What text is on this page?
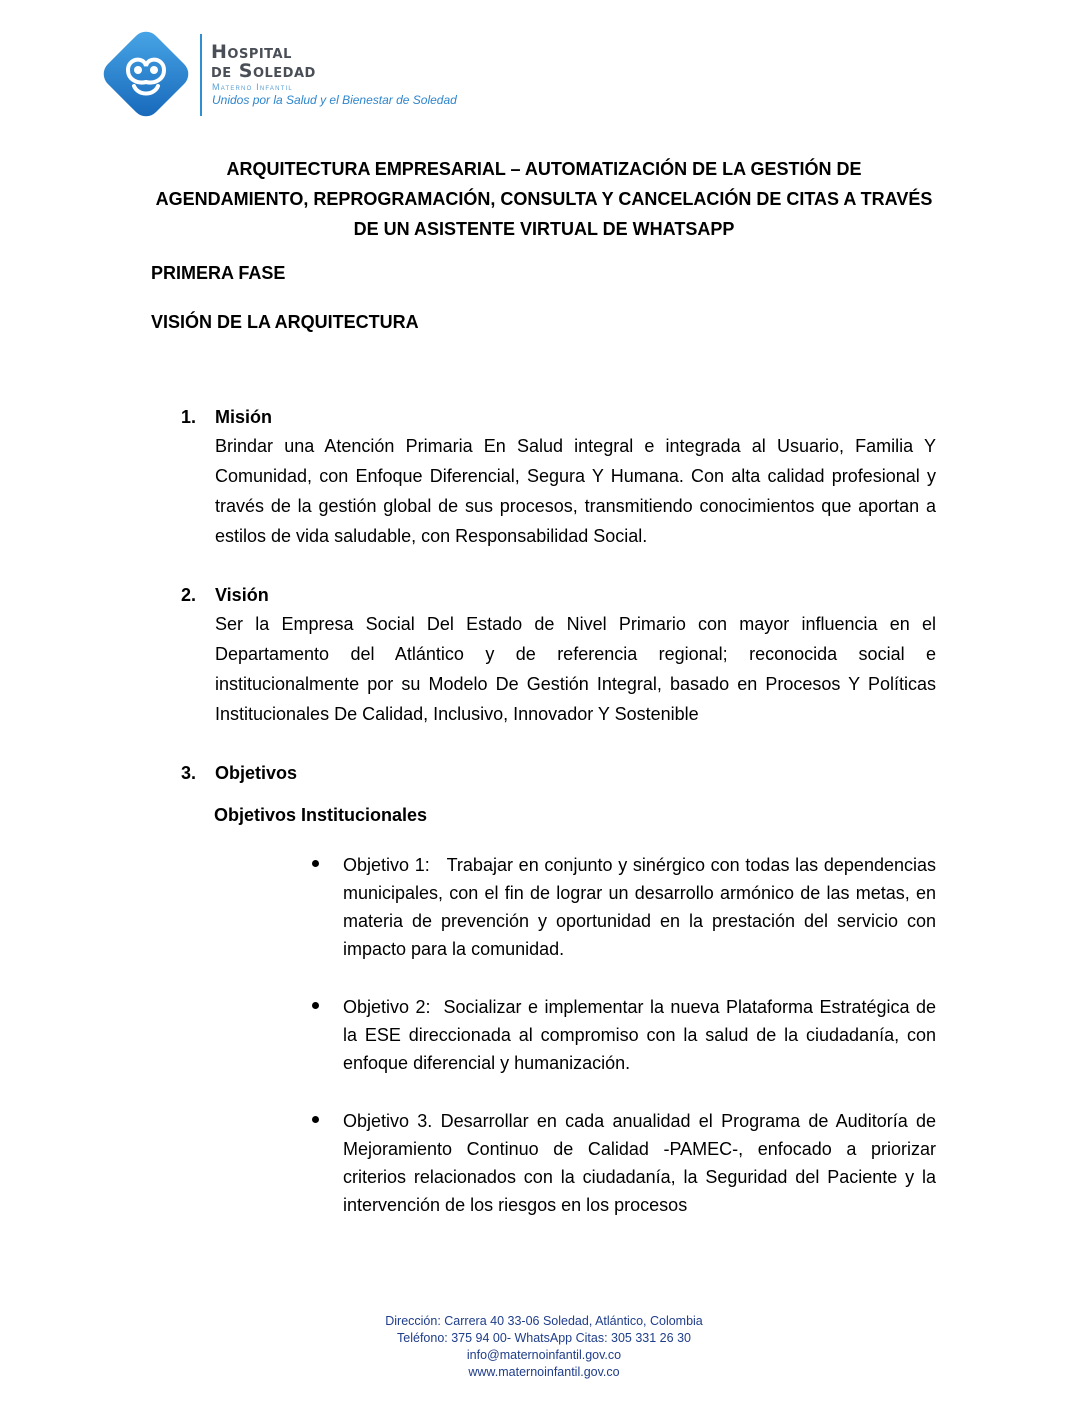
Hospital
de Soledad
Materno Infantil
Unidos por la Salud y el Bienestar de Soledad
ARQUITECTURA EMPRESARIAL – AUTOMATIZACIÓN DE LA GESTIÓN DE
AGENDAMIENTO, REPROGRAMACIÓN, CONSULTA Y CANCELACIÓN DE CITAS A TRAVÉS
DE UN ASISTENTE VIRTUAL DE WHATSAPP
PRIMERA FASE
VISIÓN DE LA ARQUITECTURA
1. Misión
Brindar una Atención Primaria En Salud integral e integrada al Usuario, Familia Y Comunidad, con Enfoque Diferencial, Segura Y Humana. Con alta calidad profesional y través de la gestión global de sus procesos, transmitiendo conocimientos que aportan a estilos de vida saludable, con Responsabilidad Social.
2. Visión
Ser la Empresa Social Del Estado de Nivel Primario con mayor influencia en el Departamento del Atlántico y de referencia regional; reconocida social e institucionalmente por su Modelo De Gestión Integral, basado en Procesos Y Políticas Institucionales De Calidad, Inclusivo, Innovador Y Sostenible
3. Objetivos
Objetivos Institucionales
Objetivo 1:   Trabajar en conjunto y sinérgico con todas las dependencias municipales, con el fin de lograr un desarrollo armónico de las metas, en materia de prevención y oportunidad en la prestación del servicio con impacto para la comunidad.
Objetivo 2:  Socializar e implementar la nueva Plataforma Estratégica de la ESE direccionada al compromiso con la salud de la ciudadanía, con enfoque diferencial y humanización.
Objetivo 3. Desarrollar en cada anualidad el Programa de Auditoría de Mejoramiento Continuo de Calidad -PAMEC-, enfocado a priorizar criterios relacionados con la ciudadanía, la Seguridad del Paciente y la intervención de los riesgos en los procesos
Dirección: Carrera 40 33-06 Soledad, Atlántico, Colombia
Teléfono: 375 94 00- WhatsApp Citas: 305 331 26 30
info@maternoinfantil.gov.co
www.maternoinfantil.gov.co
